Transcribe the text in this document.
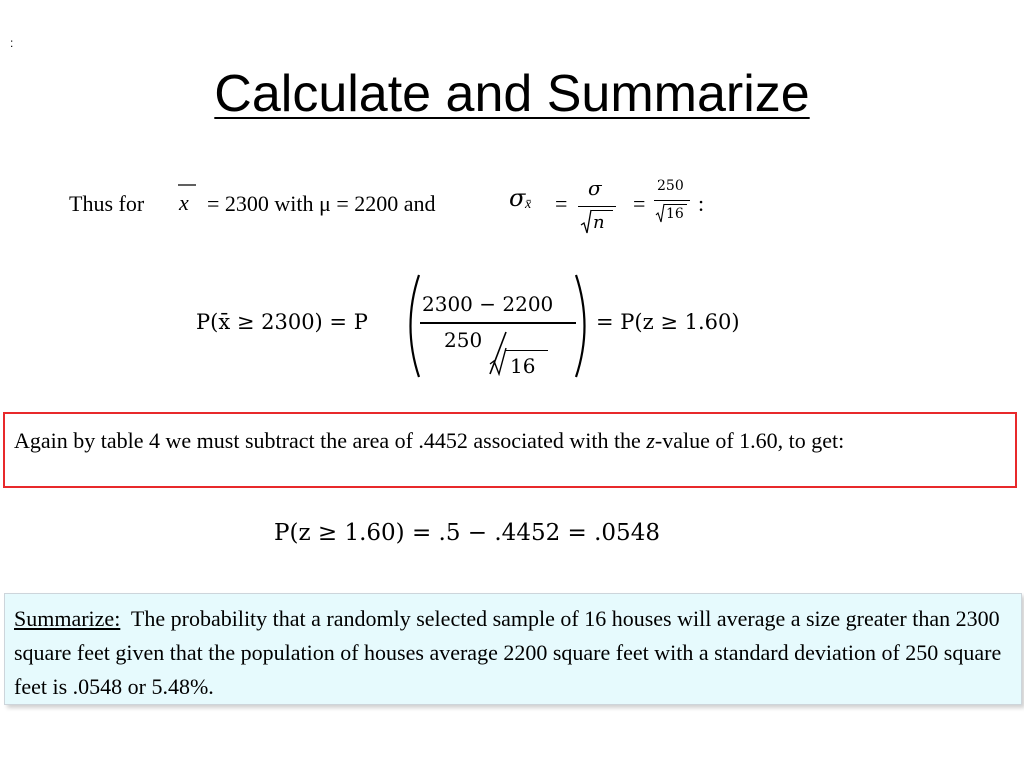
:
Calculate and Summarize
Thus for x = 2300 with μ = 2200 and	σ x̄ =
σ
n
=
250
16 :
P(x̄ ≥ 2300) = P
2300 − 2200
250
16
= P(z ≥ 1.60)
Again by table 4 we must subtract the area of .4452 associated with the z-value of 1.60, to get:
P(z ≥ 1.60) = .5 − .4452 = .0548
Summarize: The probability that a randomly selected sample of 16 houses will average a size greater than 2300 square feet given that the population of houses average 2200 square feet with a standard deviation of 250 square feet is .0548 or 5.48%.
